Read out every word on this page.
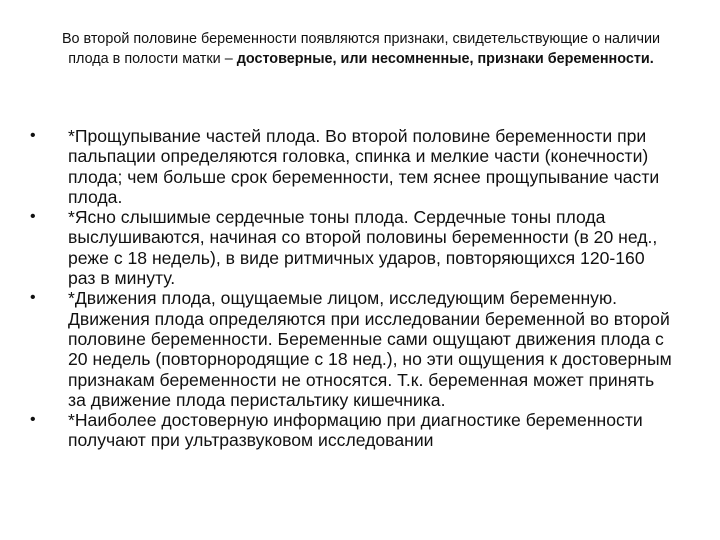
Во второй половине беременности появляются признаки, свидетельствующие о наличии плода в полости матки – достоверные, или несомненные, признаки беременности.
•	*Прощупывание частей плода. Во второй половине беременности при пальпации определяются головка, спинка и мелкие части (конечности) плода; чем больше срок беременности, тем яснее прощупывание части плода.
•	*Ясно слышимые сердечные тоны плода. Сердечные тоны плода выслушиваются, начиная со второй половины беременности (в 20 нед., реже с 18 недель), в виде ритмичных ударов, повторяющихся 120-160 раз в минуту.
•	*Движения плода, ощущаемые лицом, исследующим беременную. Движения плода определяются при исследовании беременной во второй половине беременности. Беременные сами ощущают движения плода с 20 недель (повторнородящие с 18 нед.), но эти ощущения к достоверным признакам беременности не относятся. Т.к. беременная может принять за движение плода перистальтику кишечника.
•	*Наиболее достоверную информацию при диагностике беременности получают при ультразвуковом исследовании
